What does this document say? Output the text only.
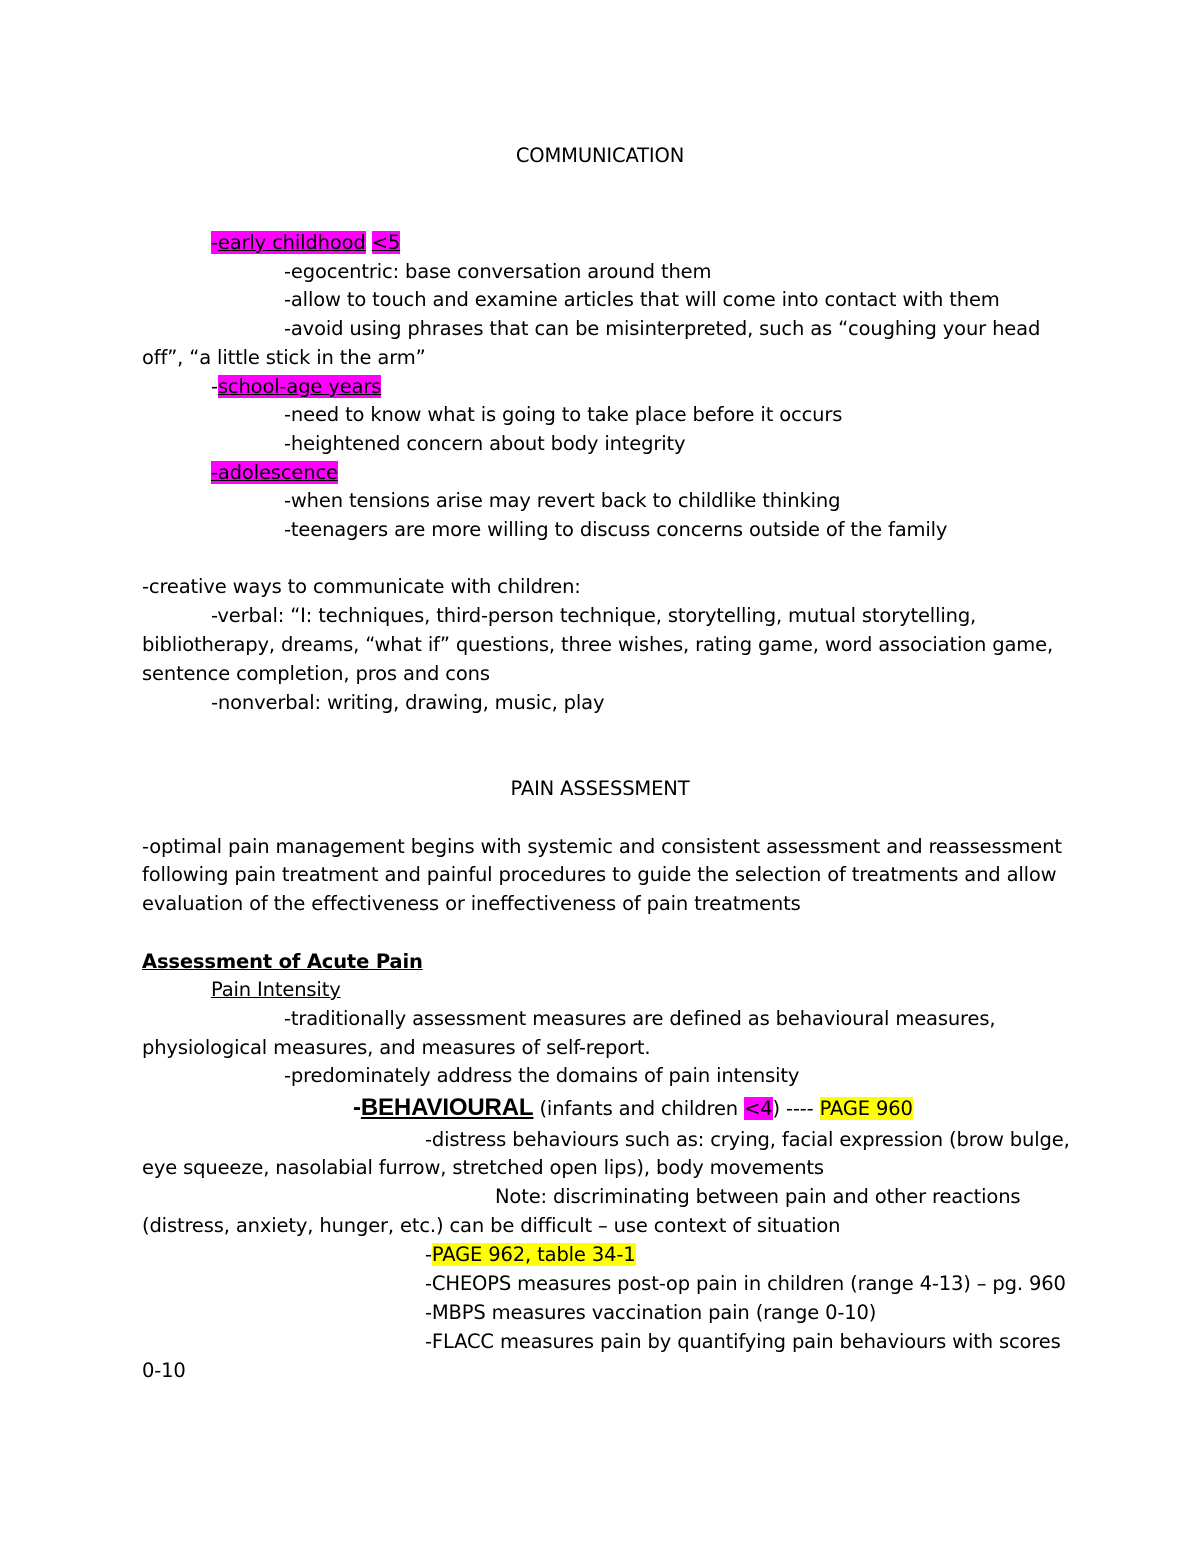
COMMUNICATION
-early childhood <5
-egocentric: base conversation around them
-allow to touch and examine articles that will come into contact with them
-avoid using phrases that can be misinterpreted, such as “coughing your head
off”, “a little stick in the arm”
-school-age years
-need to know what is going to take place before it occurs
-heightened concern about body integrity
-adolescence
-when tensions arise may revert back to childlike thinking
-teenagers are more willing to discuss concerns outside of the family
-creative ways to communicate with children:
-verbal: “I: techniques, third-person technique, storytelling, mutual storytelling,
bibliotherapy, dreams, “what if” questions, three wishes, rating game, word association game,
sentence completion, pros and cons
-nonverbal: writing, drawing, music, play
PAIN ASSESSMENT
-optimal pain management begins with systemic and consistent assessment and reassessment
following pain treatment and painful procedures to guide the selection of treatments and allow
evaluation of the effectiveness or ineffectiveness of pain treatments
Assessment of Acute Pain
Pain Intensity
-traditionally assessment measures are defined as behavioural measures,
physiological measures, and measures of self-report.
-predominately address the domains of pain intensity
-BEHAVIOURAL (infants and children <4) ---- PAGE 960
-distress behaviours such as: crying, facial expression (brow bulge,
eye squeeze, nasolabial furrow, stretched open lips), body movements
Note: discriminating between pain and other reactions
(distress, anxiety, hunger, etc.) can be difficult – use context of situation
-PAGE 962, table 34-1
-CHEOPS measures post-op pain in children (range 4-13) – pg. 960
-MBPS measures vaccination pain (range 0-10)
-FLACC measures pain by quantifying pain behaviours with scores
0-10
